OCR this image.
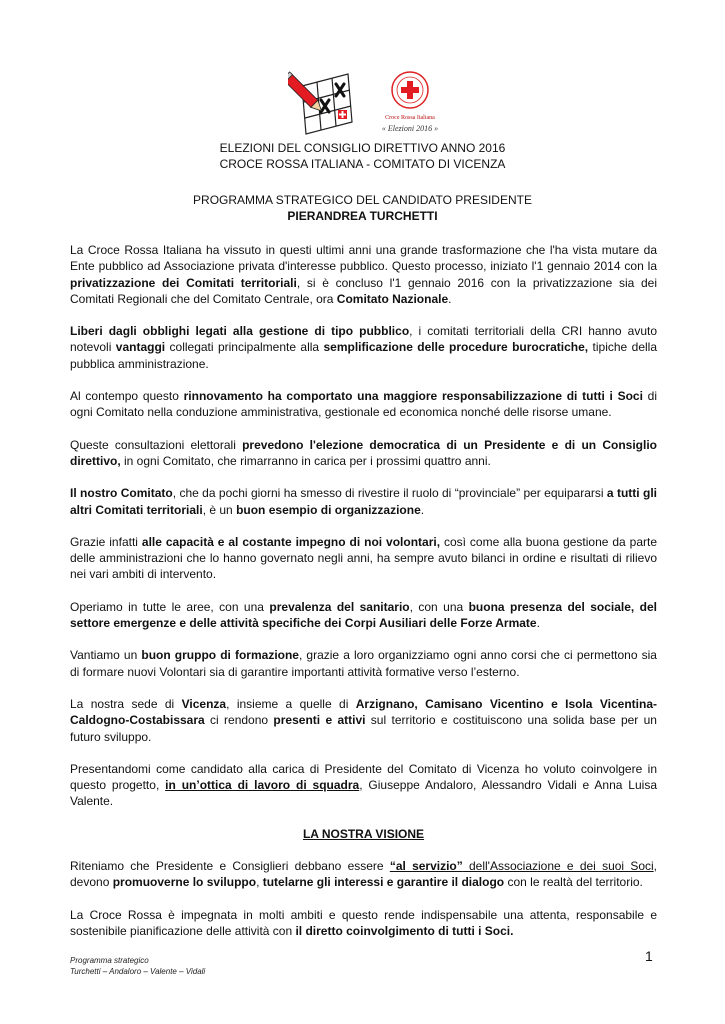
Croce Rossa Italiana
« Elezioni 2016 »
ELEZIONI DEL CONSIGLIO DIRETTIVO ANNO 2016
CROCE ROSSA ITALIANA - COMITATO DI VICENZA
PROGRAMMA STRATEGICO DEL CANDIDATO PRESIDENTE
PIERANDREA TURCHETTI

La Croce Rossa Italiana ha vissuto in questi ultimi anni una grande trasformazione che l'ha vista mutare da Ente pubblico ad Associazione privata d'interesse pubblico. Questo processo, iniziato l'1 gennaio 2014 con la privatizzazione dei Comitati territoriali, si è concluso l'1 gennaio 2016 con la privatizzazione sia dei Comitati Regionali che del Comitato Centrale, ora Comitato Nazionale.

Liberi dagli obblighi legati alla gestione di tipo pubblico, i comitati territoriali della CRI hanno avuto notevoli vantaggi collegati principalmente alla semplificazione delle procedure burocratiche, tipiche della pubblica amministrazione.

Al contempo questo rinnovamento ha comportato una maggiore responsabilizzazione di tutti i Soci di ogni Comitato nella conduzione amministrativa, gestionale ed economica nonché delle risorse umane.

Queste consultazioni elettorali prevedono l'elezione democratica di un Presidente e di un Consiglio direttivo, in ogni Comitato, che rimarranno in carica per i prossimi quattro anni.

Il nostro Comitato, che da pochi giorni ha smesso di rivestire il ruolo di “provinciale” per equipararsi a tutti gli altri Comitati territoriali, è un buon esempio di organizzazione.

Grazie infatti alle capacità e al costante impegno di noi volontari, così come alla buona gestione da parte delle amministrazioni che lo hanno governato negli anni, ha sempre avuto bilanci in ordine e risultati di rilievo nei vari ambiti di intervento.

Operiamo in tutte le aree, con una prevalenza del sanitario, con una buona presenza del sociale, del settore emergenze e delle attività specifiche dei Corpi Ausiliari delle Forze Armate.

Vantiamo un buon gruppo di formazione, grazie a loro organizziamo ogni anno corsi che ci permettono sia di formare nuovi Volontari sia di garantire importanti attività formative verso l’esterno.

La nostra sede di Vicenza, insieme a quelle di Arzignano, Camisano Vicentino e Isola Vicentina-Caldogno-Costabissara ci rendono presenti e attivi sul territorio e costituiscono una solida base per un futuro sviluppo.

Presentandomi come candidato alla carica di Presidente del Comitato di Vicenza ho voluto coinvolgere in questo progetto, in un’ottica di lavoro di squadra, Giuseppe Andaloro, Alessandro Vidali e Anna Luisa Valente.

LA NOSTRA VISIONE

Riteniamo che Presidente e Consiglieri debbano essere “al servizio” dell'Associazione e dei suoi Soci, devono promuoverne lo sviluppo, tutelarne gli interessi e garantire il dialogo con le realtà del territorio.

La Croce Rossa è impegnata in molti ambiti e questo rende indispensabile una attenta, responsabile e sostenibile pianificazione delle attività con il diretto coinvolgimento di tutti i Soci.

Programma strategico
Turchetti – Andaloro – Valente – Vidali
1
